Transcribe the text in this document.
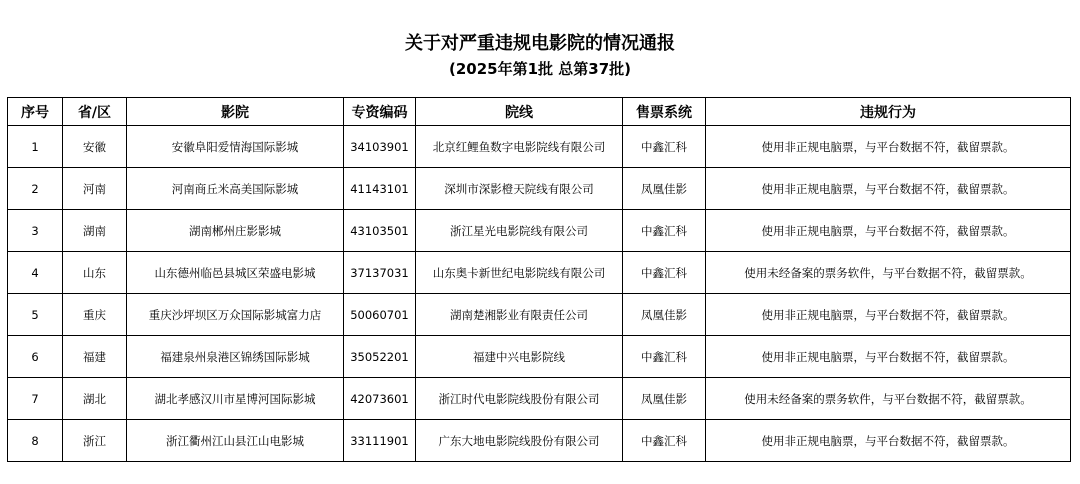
关于对严重违规电影院的情况通报
(2025年第1批 总第37批)
序号	省/区	影院	专资编码	院线	售票系统	违规行为
1	安徽	安徽阜阳爱情海国际影城	34103901	北京红鲤鱼数字电影院线有限公司	中鑫汇科	使用非正规电脑票，与平台数据不符，截留票款。
2	河南	河南商丘米高美国际影城	41143101	深圳市深影橙天院线有限公司	凤凰佳影	使用非正规电脑票，与平台数据不符，截留票款。
3	湖南	湖南郴州庄影影城	43103501	浙江星光电影院线有限公司	中鑫汇科	使用非正规电脑票，与平台数据不符，截留票款。
4	山东	山东德州临邑县城区荣盛电影城	37137031	山东奥卡新世纪电影院线有限公司	中鑫汇科	使用未经备案的票务软件，与平台数据不符，截留票款。
5	重庆	重庆沙坪坝区万众国际影城富力店	50060701	湖南楚湘影业有限责任公司	凤凰佳影	使用非正规电脑票，与平台数据不符，截留票款。
6	福建	福建泉州泉港区锦绣国际影城	35052201	福建中兴电影院线	中鑫汇科	使用非正规电脑票，与平台数据不符，截留票款。
7	湖北	湖北孝感汉川市星博河国际影城	42073601	浙江时代电影院线股份有限公司	凤凰佳影	使用未经备案的票务软件，与平台数据不符，截留票款。
8	浙江	浙江衢州江山县江山电影城	33111901	广东大地电影院线股份有限公司	中鑫汇科	使用非正规电脑票，与平台数据不符，截留票款。
